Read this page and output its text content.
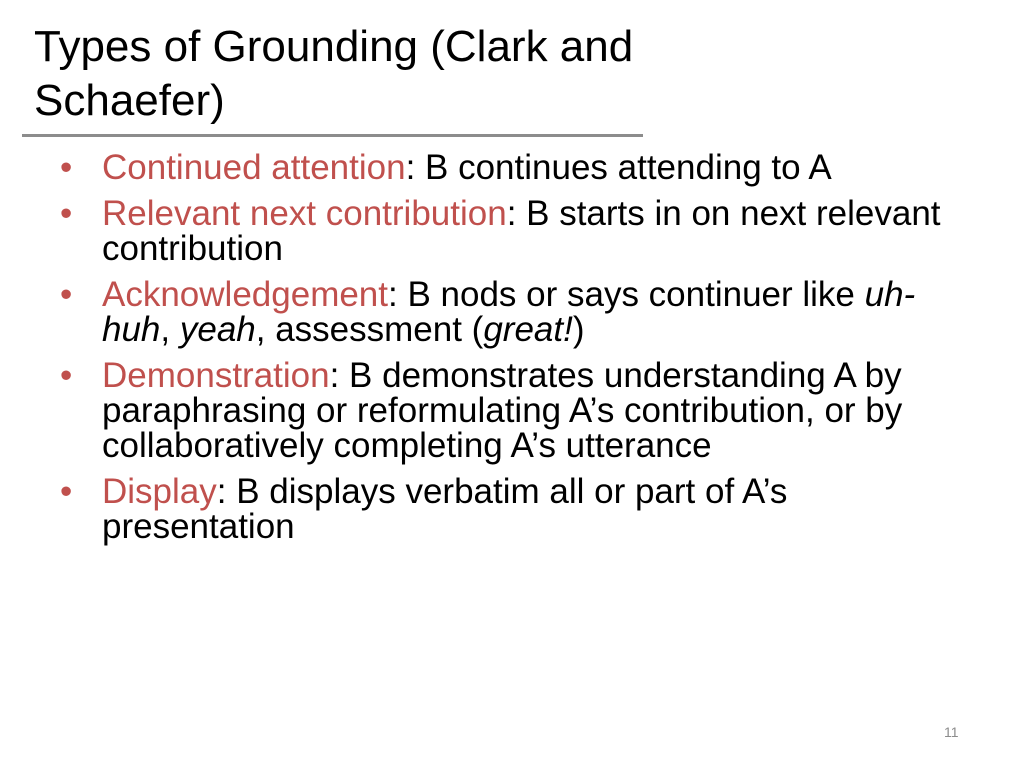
Types of Grounding (Clark and
Schaefer)
• Continued attention: B continues attending to A
• Relevant next contribution: B starts in on next relevant contribution
• Acknowledgement: B nods or says continuer like uh-huh, yeah, assessment (great!)
• Demonstration: B demonstrates understanding A by paraphrasing or reformulating A’s contribution, or by collaboratively completing A’s utterance
• Display: B displays verbatim all or part of A’s presentation
11
